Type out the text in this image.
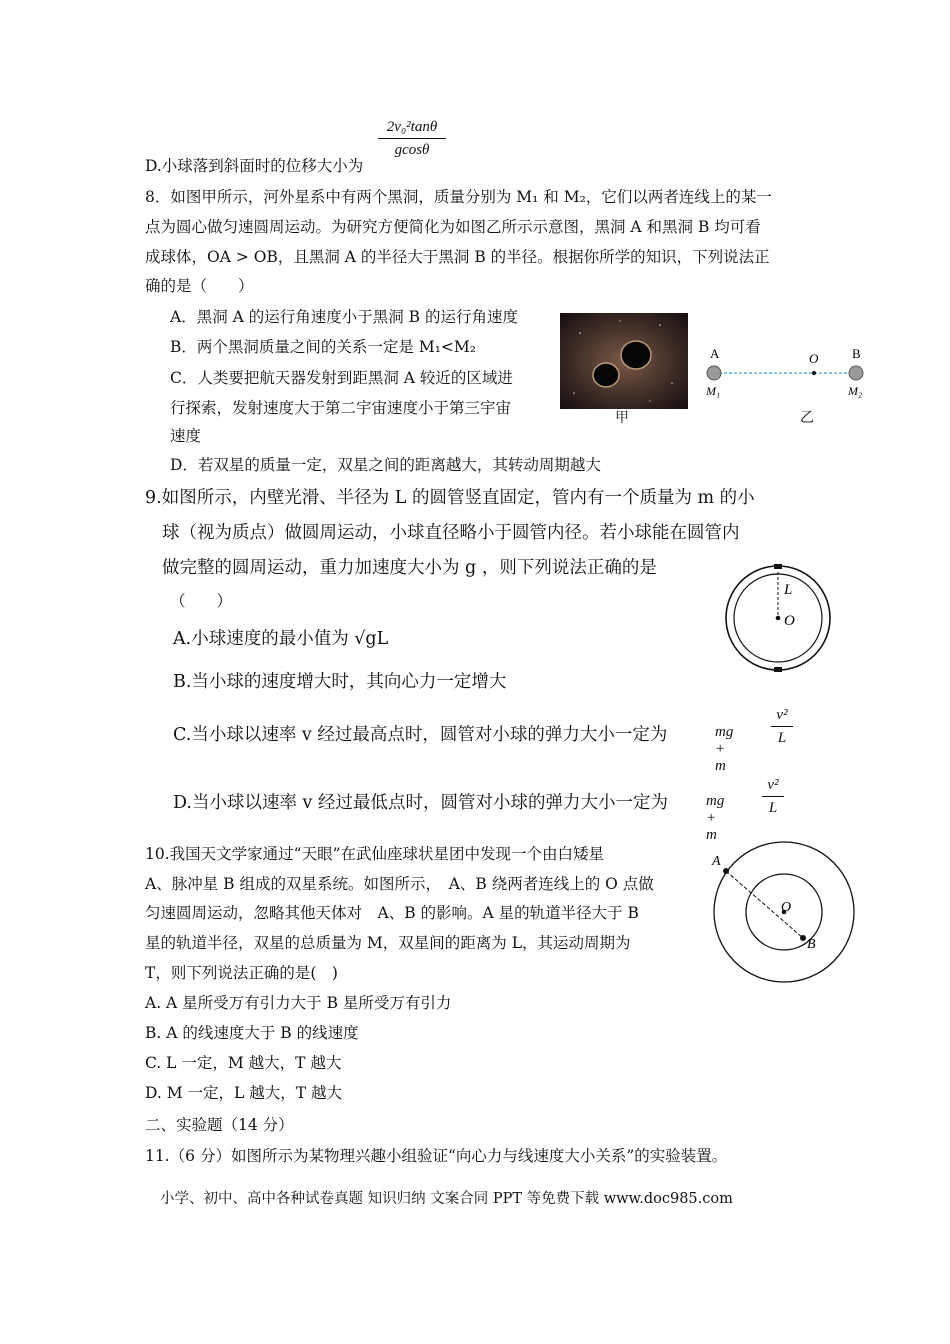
2v₀²tanθ
gcosθ
D.小球落到斜面时的位移大小为
8．如图甲所示，河外星系中有两个黑洞，质量分别为 M₁ 和 M₂，它们以两者连线上的某一
点为圆心做匀速圆周运动。为研究方便简化为如图乙所示示意图，黑洞 A 和黑洞 B 均可看
成球体，OA > OB，且黑洞 A 的半径大于黑洞 B 的半径。根据你所学的知识，下列说法正
确的是（　　）
A．黑洞 A 的运行角速度小于黑洞 B 的运行角速度
B．两个黑洞质量之间的关系一定是 M₁<M₂
C．人类要把航天器发射到距黑洞 A 较近的区域进
行探索，发射速度大于第二宇宙速度小于第三宇宙
速度
D．若双星的质量一定，双星之间的距离越大，其转动周期越大
甲
A	B
O
M₁	M₂
乙
9.如图所示，内壁光滑、半径为 L 的圆管竖直固定，管内有一个质量为 m 的小
球（视为质点）做圆周运动，小球直径略小于圆管内径。若小球能在圆管内
做完整的圆周运动，重力加速度大小为 g ，则下列说法正确的是
（　　）
L
O
A.小球速度的最小值为 √gL
B.当小球的速度增大时，其向心力一定增大
C.当小球以速率 v 经过最高点时，圆管对小球的弹力大小一定为	mg + m
v²
L
D.当小球以速率 v 经过最低点时，圆管对小球的弹力大小一定为	mg + m
v²
L
10.我国天文学家通过“天眼”在武仙座球状星团中发现一个由白矮星
A、脉冲星 B 组成的双星系统。如图所示，　A、B 绕两者连线上的 O 点做
匀速圆周运动，忽略其他天体对　A、B 的影响。A 星的轨道半径大于 B
星的轨道半径，双星的总质量为 M，双星间的距离为 L，其运动周期为
T，则下列说法正确的是(　)
A
O
B
A. A 星所受万有引力大于 B 星所受万有引力
B. A 的线速度大于 B 的线速度
C. L 一定，M 越大，T 越大
D. M 一定，L 越大，T 越大
二、实验题（14 分）
11.（6 分）如图所示为某物理兴趣小组验证“向心力与线速度大小关系”的实验装置。
小学、初中、高中各种试卷真题 知识归纳 文案合同 PPT 等免费下载 www.doc985.com
